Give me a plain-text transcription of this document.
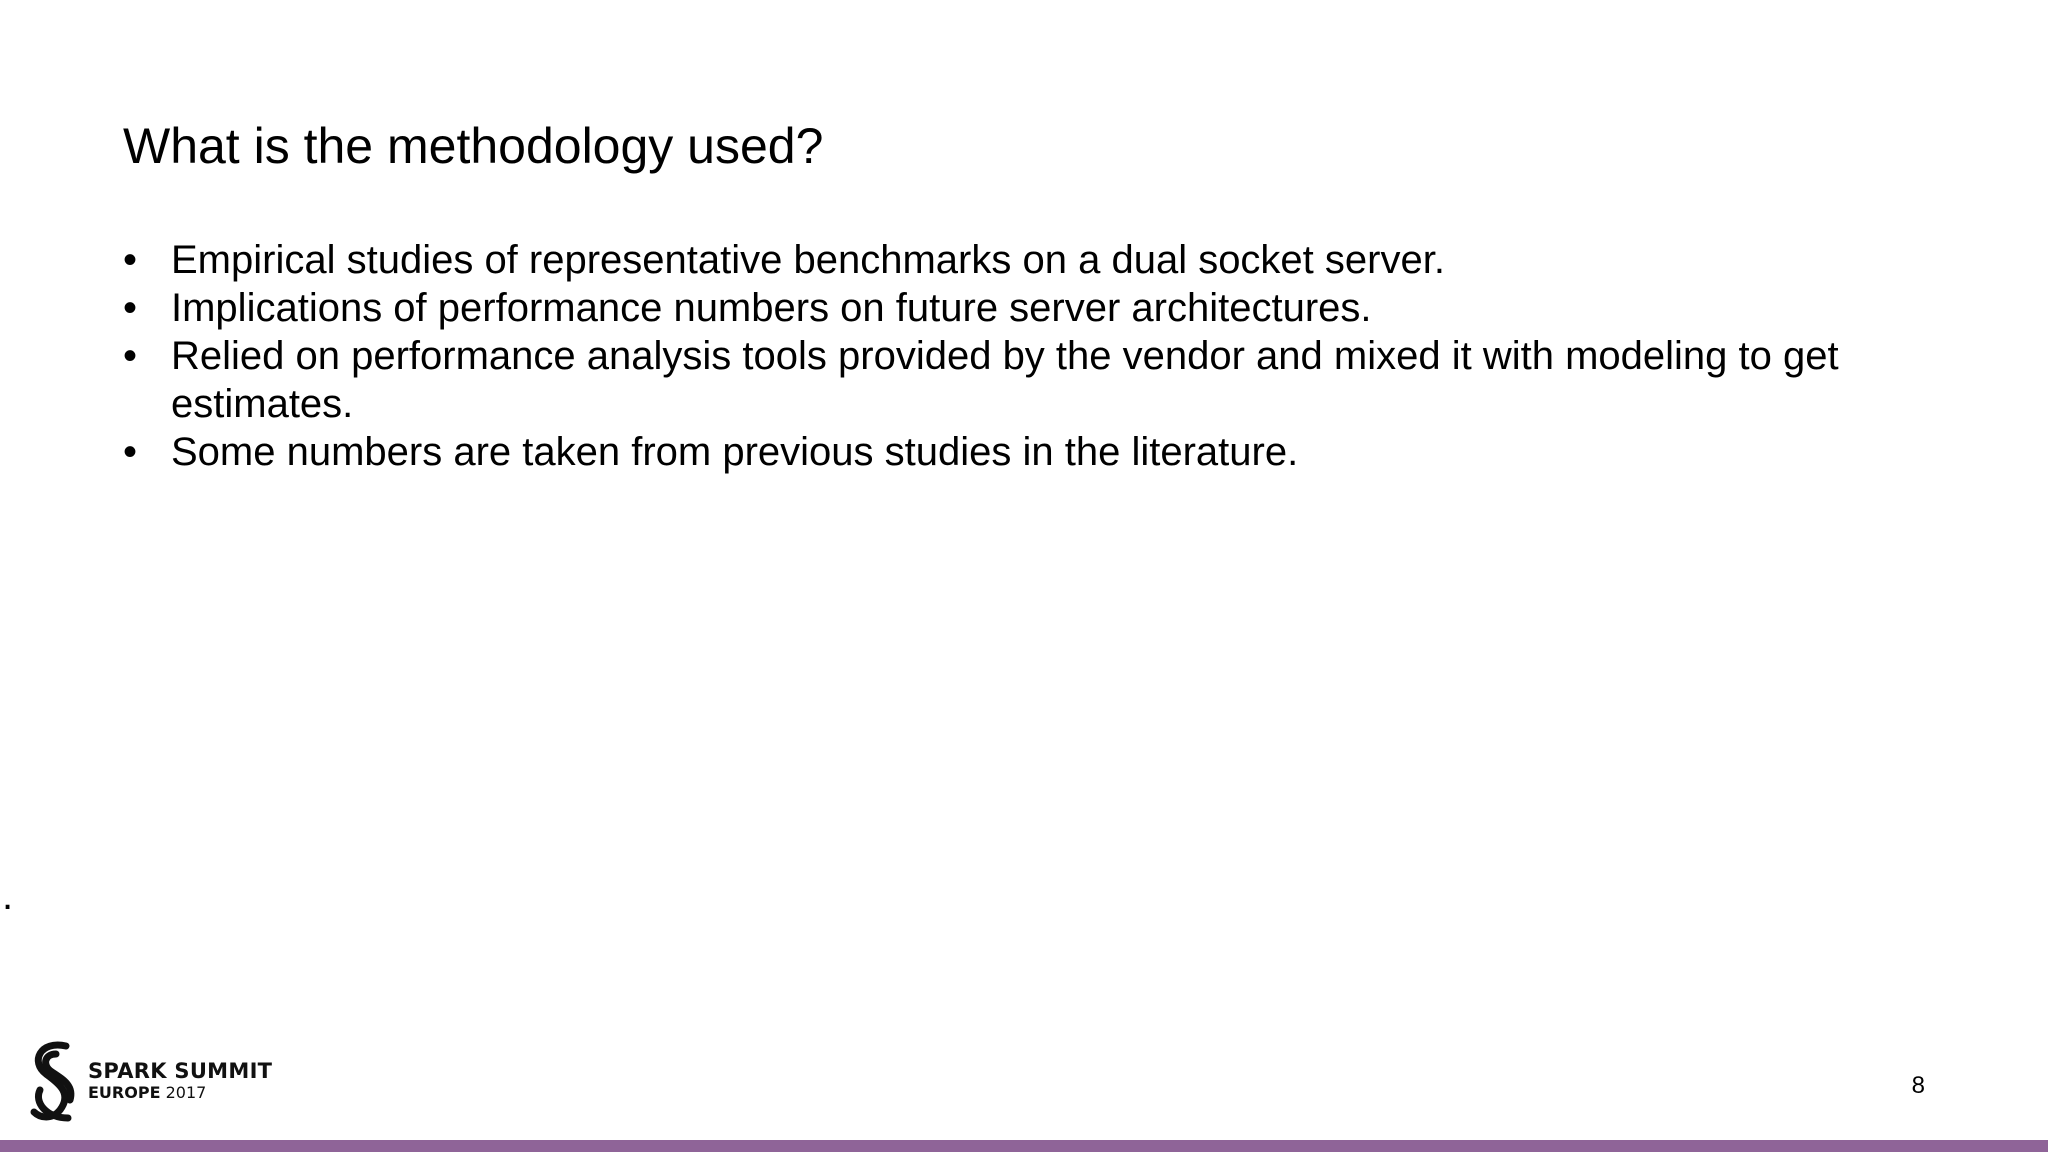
What is the methodology used?
• Empirical studies of representative benchmarks on a dual socket server.
• Implications of performance numbers on future server architectures.
• Relied on performance analysis tools provided by the vendor and mixed it with modeling to get estimates.
• Some numbers are taken from previous studies in the literature.
.
SPARK SUMMIT
EUROPE 2017	8
